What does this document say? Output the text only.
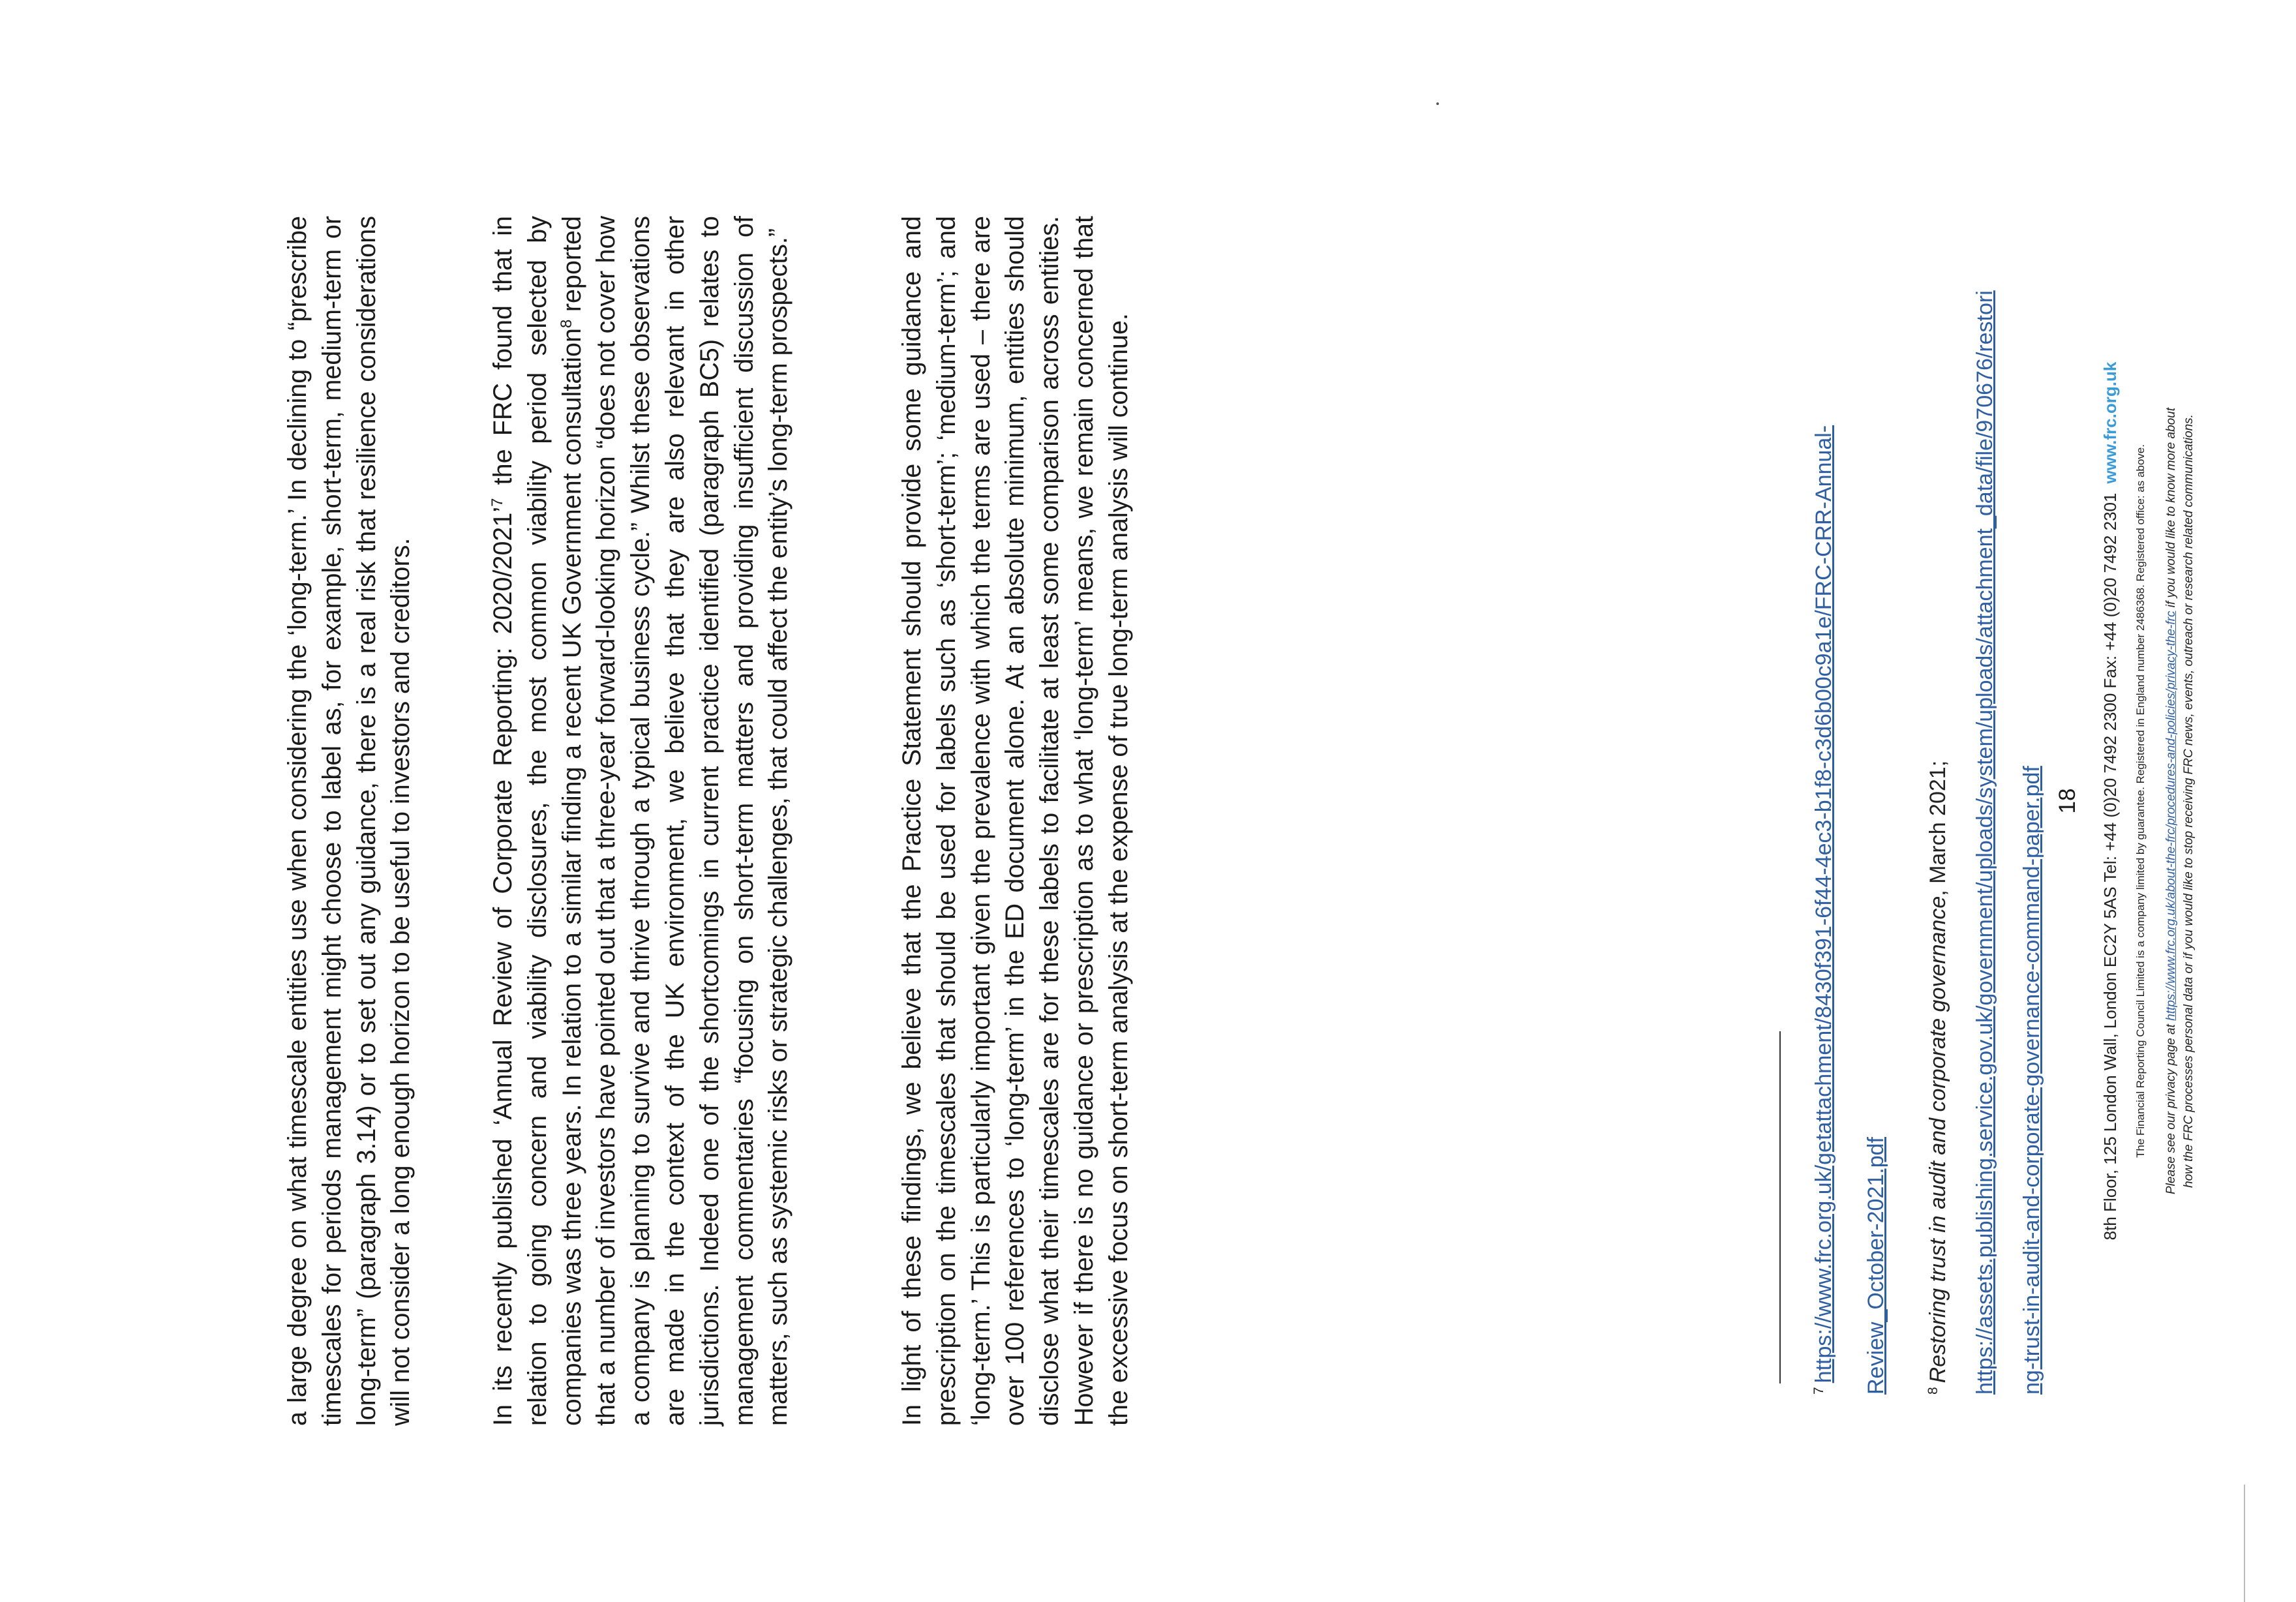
a large degree on what timescale entities use when considering the ‘long-term.’ In declining to “prescribe timescales for periods management might choose to label as, for example, short-term, medium-term or long-term” (paragraph 3.14) or to set out any guidance, there is a real risk that resilience considerations will not consider a long enough horizon to be useful to investors and creditors.	In its recently published ‘Annual Review of Corporate Reporting: 2020/2021’$^7$ the FRC found that in relation to going concern and viability disclosures, the most common viability period selected by companies was three years. In relation to a similar finding a recent UK Government consultation$^8$ reported that a number of investors have pointed out that a three-year forward-looking horizon “does not cover how a company is planning to survive and thrive through a typical business cycle.” Whilst these observations are made in the context of the UK environment, we believe that they are also relevant in other jurisdictions. Indeed one of the shortcomings in current practice identified (paragraph BC5) relates to management commentaries “focusing on short-term matters and providing insufficient discussion of matters, such as systemic risks or strategic challenges, that could affect the entity’s long-term prospects.”	In light of these findings, we believe that the Practice Statement should provide some guidance and prescription on the timescales that should be used for labels such as ‘short-term’; ‘medium-term’; and ‘long-term.’ This is particularly important given the prevalence with which the terms are used – there are over 100 references to ‘long-term’ in the ED document alone. At an absolute minimum, entities should disclose what their timescales are for these labels to facilitate at least some comparison across entities. However if there is no guidance or prescription as to what ‘long-term’ means, we remain concerned that the excessive focus on short-term analysis at the expense of true long-term analysis will continue.	$^7$https://www.frc.org.uk/getattachment/8430f391-6f44-4ec3-b1f8-c3d6b00c9a1e/FRC-CRR-Annual- Review_October-2021.pdf	$^8$Restoring trust in audit and corporate governance, March 2021; https://assets.publishing.service.gov.uk/government/uploads/system/uploads/attachment_data/file/970676/restori ng-trust-in-audit-and-corporate-governance-command-paper.pdf 18 8th Floor, 125 London Wall, London EC2Y 5AS Tel: +44 (0)20 7492 2300 Fax: +44 (0)20 7492 2301www.frc.org.uk
The Financial Reporting Council Limited is a company limited by guarantee. Registered in England number 2486368. Registered office: as above. Please see our privacy page at https://www.frc.org.uk/about-the-frc/procedures-and-policies/privacy-the-frc if you would like to know more about how the FRC processes personal data or if you would like to stop receiving FRC news, events, outreach or research related communications.
